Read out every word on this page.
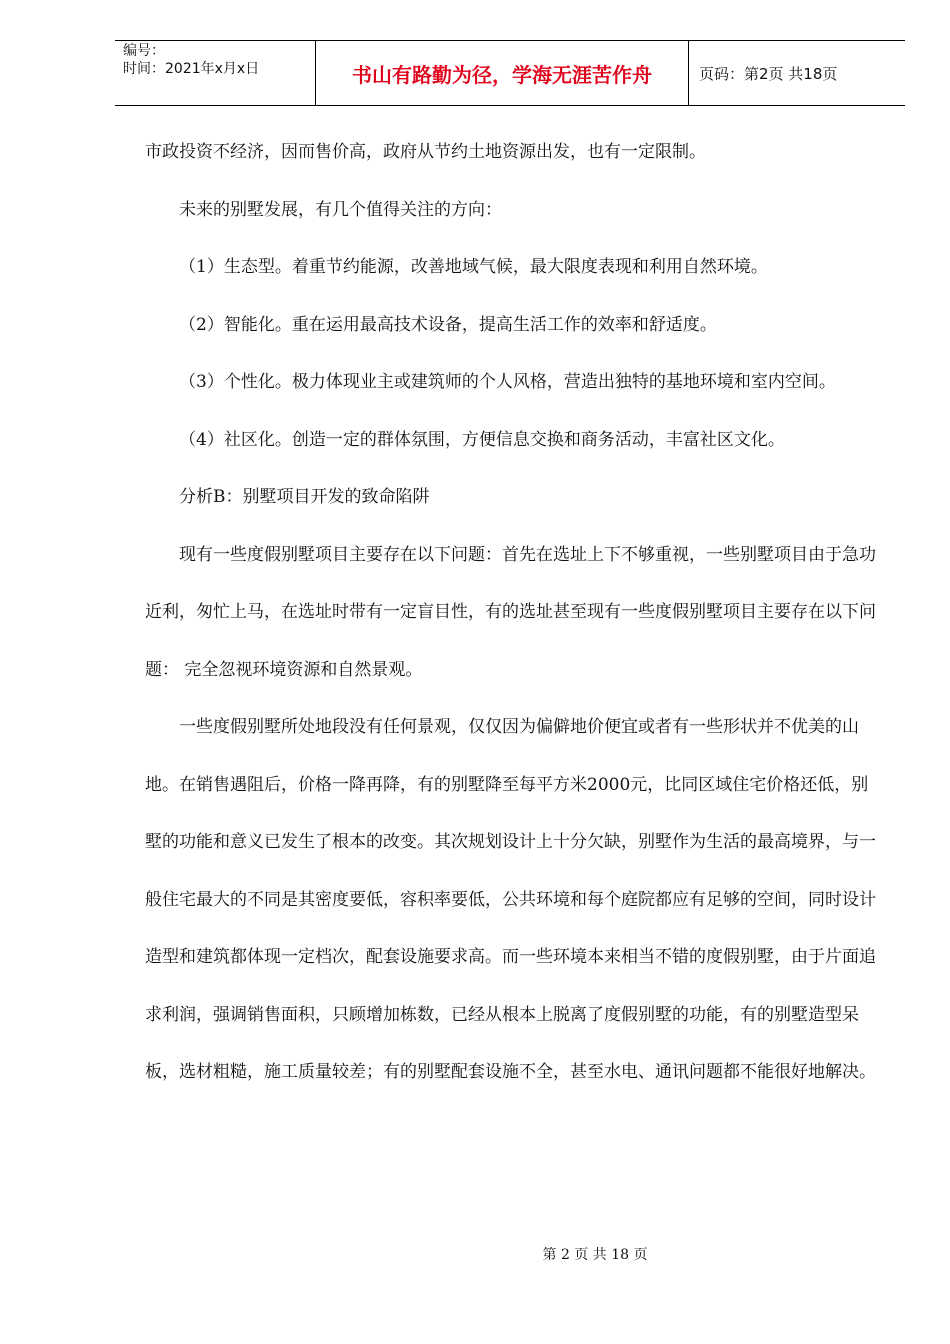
编号：
时间：2021年x月x日	书山有路勤为径，学海无涯苦作舟	页码：第2页 共18页

市政投资不经济，因而售价高，政府从节约土地资源出发，也有一定限制。

未来的别墅发展，有几个值得关注的方向：

（1）生态型。着重节约能源，改善地域气候，最大限度表现和利用自然环境。

（2）智能化。重在运用最高技术设备，提高生活工作的效率和舒适度。

（3）个性化。极力体现业主或建筑师的个人风格，营造出独特的基地环境和室内空间。

（4）社区化。创造一定的群体氛围，方便信息交换和商务活动，丰富社区文化。

分析B：别墅项目开发的致命陷阱

现有一些度假别墅项目主要存在以下问题：首先在选址上下不够重视，一些别墅项目由于急功近利，匆忙上马，在选址时带有一定盲目性，有的选址甚至现有一些度假别墅项目主要存在以下问题： 完全忽视环境资源和自然景观。

一些度假别墅所处地段没有任何景观，仅仅因为偏僻地价便宜或者有一些形状并不优美的山地。在销售遇阻后，价格一降再降，有的别墅降至每平方米2000元，比同区域住宅价格还低，别墅的功能和意义已发生了根本的改变。其次规划设计上十分欠缺，别墅作为生活的最高境界，与一般住宅最大的不同是其密度要低，容积率要低，公共环境和每个庭院都应有足够的空间，同时设计造型和建筑都体现一定档次，配套设施要求高。而一些环境本来相当不错的度假别墅，由于片面追求利润，强调销售面积，只顾增加栋数，已经从根本上脱离了度假别墅的功能，有的别墅造型呆板，选材粗糙，施工质量较差；有的别墅配套设施不全，甚至水电、通讯问题都不能很好地解决。

第 2 页 共 18 页
